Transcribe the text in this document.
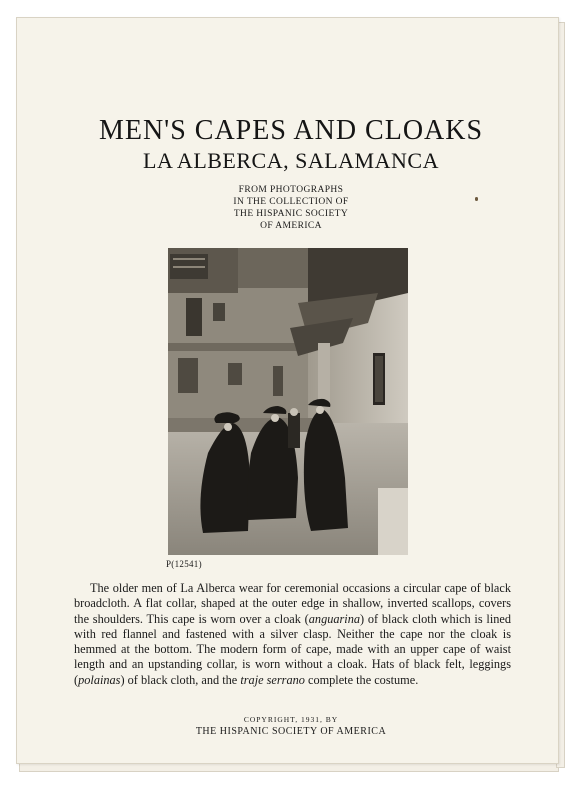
MEN'S CAPES AND CLOAKS
LA ALBERCA, SALAMANCA
FROM PHOTOGRAPHS
IN THE COLLECTION OF
THE HISPANIC SOCIETY
OF AMERICA
P(12541)

The older men of La Alberca wear for ceremonial occasions a circular cape of black broadcloth. A flat collar, shaped at the outer edge in shallow, inverted scallops, covers the shoulders. This cape is worn over a cloak (anguarina) of black cloth which is lined with red flannel and fastened with a silver clasp. Neither the cape nor the cloak is hemmed at the bottom. The modern form of cape, made with an upper cape of waist length and an upstanding collar, is worn without a cloak. Hats of black felt, leggings (polainas) of black cloth, and the traje serrano complete the costume.

COPYRIGHT, 1931, BY
THE HISPANIC SOCIETY OF AMERICA
